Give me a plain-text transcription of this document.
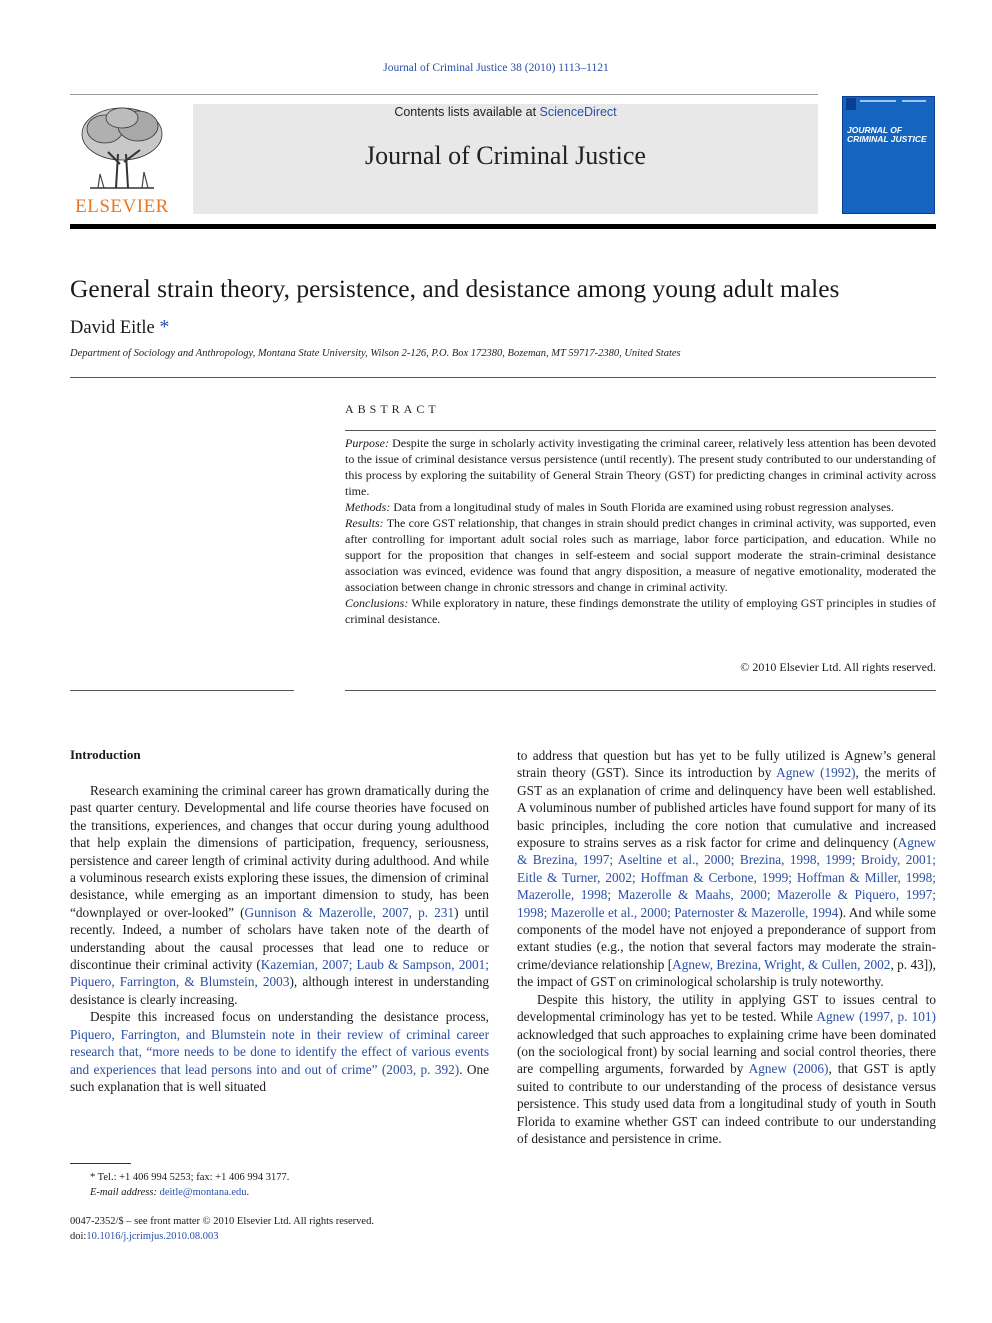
Journal of Criminal Justice 38 (2010) 1113–1121
ELSEVIER
Contents lists available at ScienceDirect
Journal of Criminal Justice
JOURNAL OF CRIMINAL JUSTICE
General strain theory, persistence, and desistance among young adult males
David Eitle *
Department of Sociology and Anthropology, Montana State University, Wilson 2-126, P.O. Box 172380, Bozeman, MT 59717-2380, United States
ABSTRACT

Purpose: Despite the surge in scholarly activity investigating the criminal career, relatively less attention has been devoted to the issue of criminal desistance versus persistence (until recently). The present study contributed to our understanding of this process by exploring the suitability of General Strain Theory (GST) for predicting changes in criminal activity across time.

Methods: Data from a longitudinal study of males in South Florida are examined using robust regression analyses.

Results: The core GST relationship, that changes in strain should predict changes in criminal activity, was supported, even after controlling for important adult social roles such as marriage, labor force participation, and education. While no support for the proposition that changes in self-esteem and social support moderate the strain-criminal desistance association was evinced, evidence was found that angry disposition, a measure of negative emotionality, moderated the association between change in chronic stressors and change in criminal activity.

Conclusions: While exploratory in nature, these findings demonstrate the utility of employing GST principles in studies of criminal desistance.

© 2010 Elsevier Ltd. All rights reserved.
Introduction

Research examining the criminal career has grown dramatically during the past quarter century. Developmental and life course theories have focused on the transitions, experiences, and changes that occur during young adulthood that help explain the dimensions of participation, frequency, seriousness, persistence and career length of criminal activity during adulthood. And while a voluminous research exists exploring these issues, the dimension of criminal desistance, while emerging as an important dimension to study, has been “downplayed or over-looked” (Gunnison & Mazerolle, 2007, p. 231) until recently. Indeed, a number of scholars have taken note of the dearth of understanding about the causal processes that lead one to reduce or discontinue their criminal activity (Kazemian, 2007; Laub & Sampson, 2001; Piquero, Farrington, & Blumstein, 2003), although interest in understanding desistance is clearly increasing.

Despite this increased focus on understanding the desistance process, Piquero, Farrington, and Blumstein note in their review of criminal career research that, “more needs to be done to identify the effect of various events and experiences that lead persons into and out of crime” (2003, p. 392). One such explanation that is well situated

to address that question but has yet to be fully utilized is Agnew’s general strain theory (GST). Since its introduction by Agnew (1992), the merits of GST as an explanation of crime and delinquency have been well established. A voluminous number of published articles have found support for many of its basic principles, including the core notion that cumulative and increased exposure to strains serves as a risk factor for crime and delinquency (Agnew & Brezina, 1997; Aseltine et al., 2000; Brezina, 1998, 1999; Broidy, 2001; Eitle & Turner, 2002; Hoffman & Cerbone, 1999; Hoffman & Miller, 1998; Mazerolle, 1998; Mazerolle & Maahs, 2000; Mazerolle & Piquero, 1997; 1998; Mazerolle et al., 2000; Paternoster & Mazerolle, 1994). And while some components of the model have not enjoyed a preponderance of support from extant studies (e.g., the notion that several factors may moderate the strain-crime/deviance relationship [Agnew, Brezina, Wright, & Cullen, 2002, p. 43]), the impact of GST on criminological scholarship is truly noteworthy.

Despite this history, the utility in applying GST to issues central to developmental criminology has yet to be tested. While Agnew (1997, p. 101) acknowledged that such approaches to explaining crime have been dominated (on the sociological front) by social learning and social control theories, there are compelling arguments, forwarded by Agnew (2006), that GST is aptly suited to contribute to our understanding of the process of desistance versus persistence. This study used data from a longitudinal study of youth in South Florida to examine whether GST can indeed contribute to our understanding of desistance and persistence in crime.

* Tel.: +1 406 994 5253; fax: +1 406 994 3177.
E-mail address: deitle@montana.edu.
0047-2352/$ – see front matter © 2010 Elsevier Ltd. All rights reserved.
doi:10.1016/j.jcrimjus.2010.08.003
